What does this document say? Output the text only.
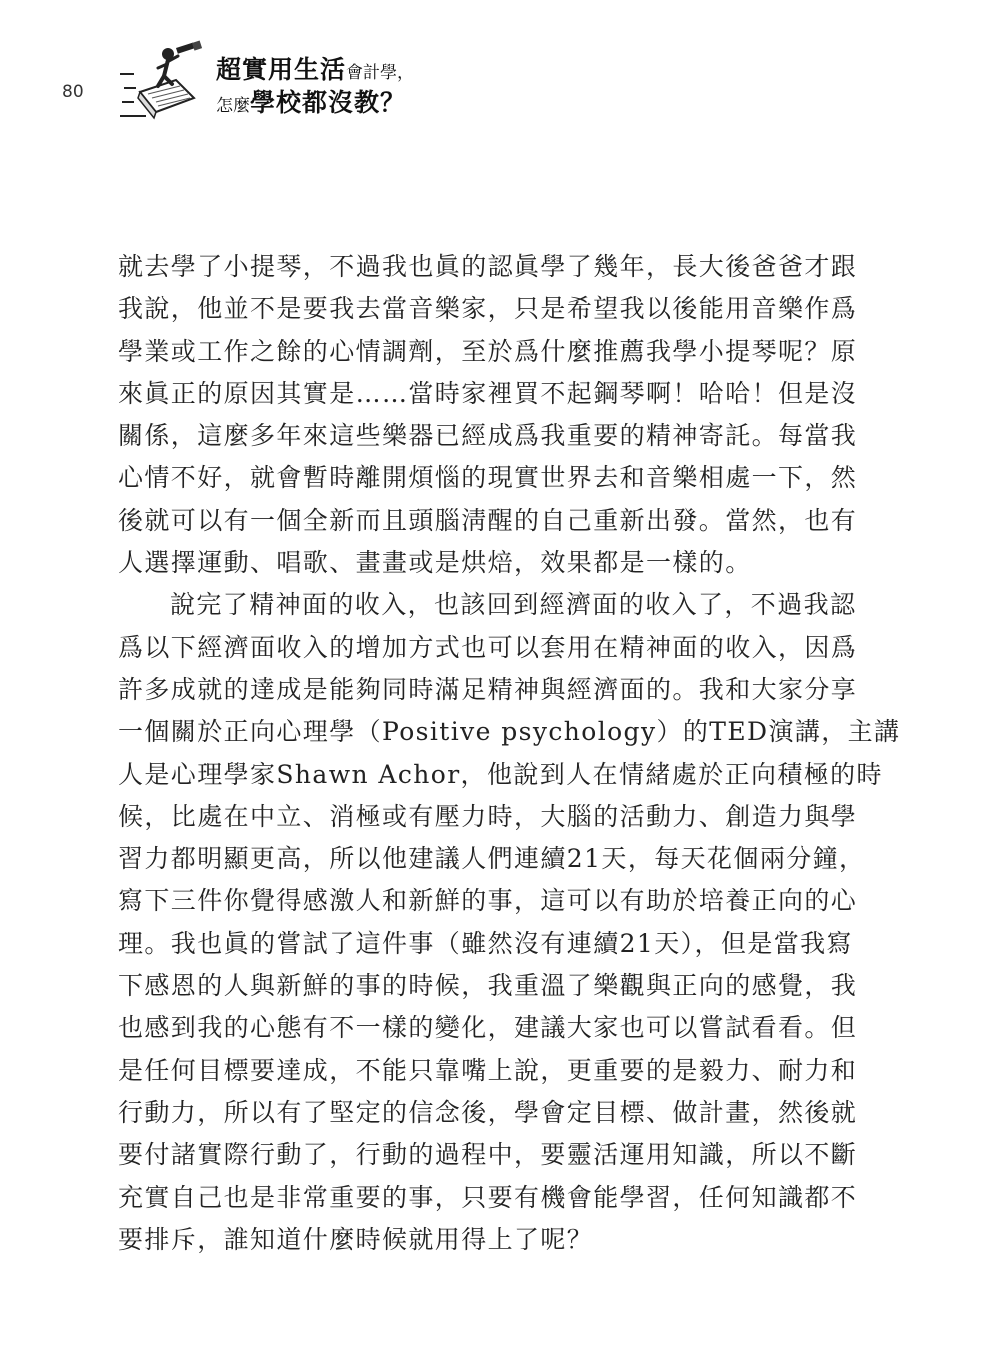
80
超實用生活會計學，
怎麼學校都沒教？
就去學了小提琴，不過我也眞的認眞學了幾年，長大後爸爸才跟
我說，他並不是要我去當音樂家，只是希望我以後能用音樂作爲
學業或工作之餘的心情調劑，至於爲什麼推薦我學小提琴呢？原
來眞正的原因其實是……當時家裡買不起鋼琴啊！哈哈！但是沒
關係，這麼多年來這些樂器已經成爲我重要的精神寄託。每當我
心情不好，就會暫時離開煩惱的現實世界去和音樂相處一下，然
後就可以有一個全新而且頭腦淸醒的自己重新出發。當然，也有
人選擇運動、唱歌、畫畫或是烘焙，效果都是一樣的。
說完了精神面的收入，也該回到經濟面的收入了，不過我認
爲以下經濟面收入的增加方式也可以套用在精神面的收入，因爲
許多成就的達成是能夠同時滿足精神與經濟面的。我和大家分享
一個關於正向心理學（Positive psychology）的TED演講，主講
人是心理學家Shawn Achor，他說到人在情緒處於正向積極的時
候，比處在中立、消極或有壓力時，大腦的活動力、創造力與學
習力都明顯更高，所以他建議人們連續21天，每天花個兩分鐘，
寫下三件你覺得感激人和新鮮的事，這可以有助於培養正向的心
理。我也眞的嘗試了這件事（雖然沒有連續21天），但是當我寫
下感恩的人與新鮮的事的時候，我重溫了樂觀與正向的感覺，我
也感到我的心態有不一樣的變化，建議大家也可以嘗試看看。但
是任何目標要達成，不能只靠嘴上說，更重要的是毅力、耐力和
行動力，所以有了堅定的信念後，學會定目標、做計畫，然後就
要付諸實際行動了，行動的過程中，要靈活運用知識，所以不斷
充實自己也是非常重要的事，只要有機會能學習，任何知識都不
要排斥，誰知道什麼時候就用得上了呢？
